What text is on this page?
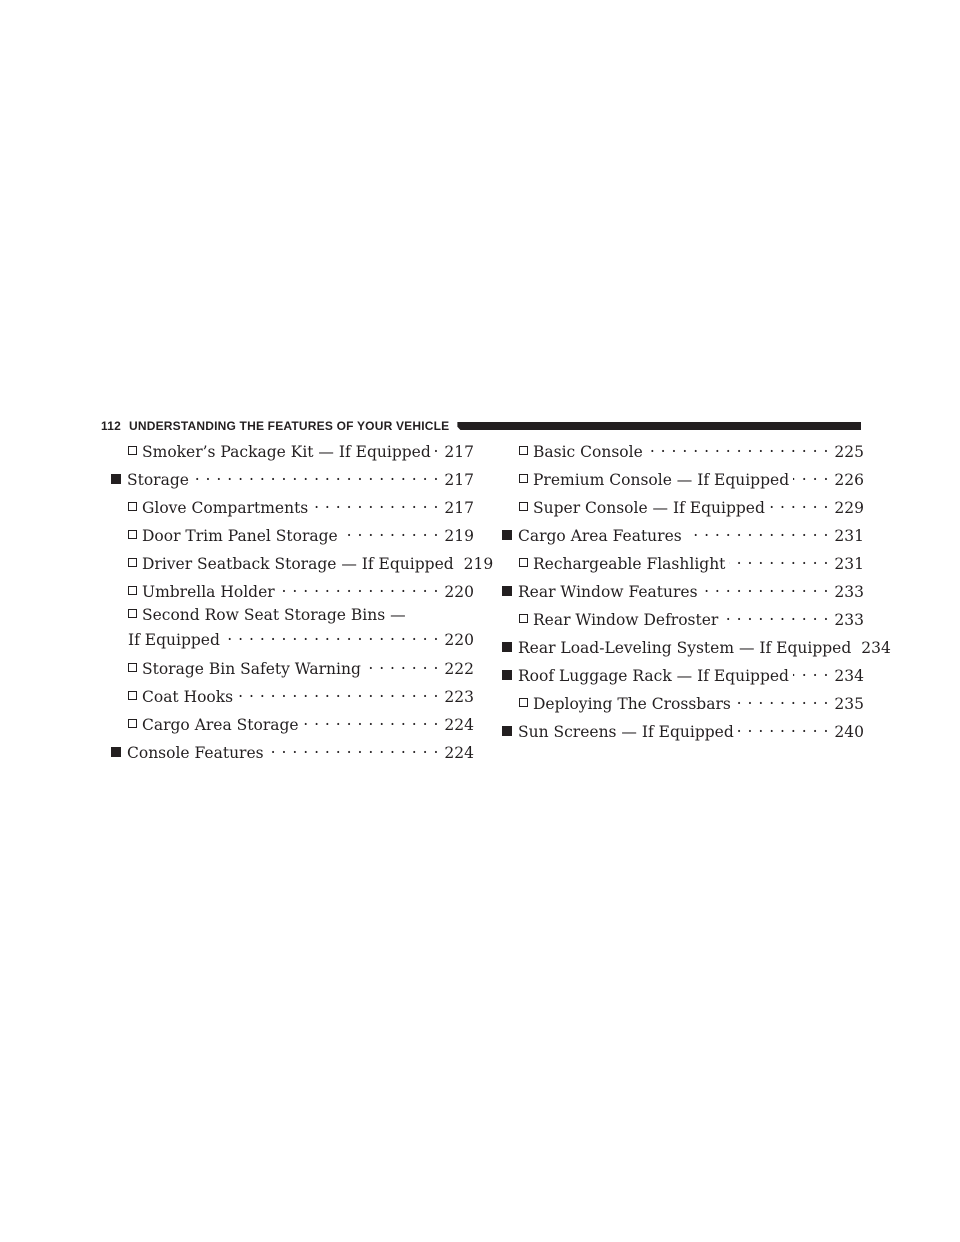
112 UNDERSTANDING THE FEATURES OF YOUR VEHICLE
Smoker’s Package Kit — If Equipped . . . 217
Storage . . .	217
Glove Compartments . . .	217
Door Trim Panel Storage . . .	219
Driver Seatback Storage — If Equipped 219
Umbrella Holder . . .	220
Second Row Seat Storage Bins —
If Equipped . . .	220
Storage Bin Safety Warning . . .	222
Coat Hooks . . .	223
Cargo Area Storage . . .	224
Console Features . . .	224
Basic Console . . .	225
Premium Console — If Equipped . . .	226
Super Console — If Equipped . . .	229
Cargo Area Features . . .	231
Rechargeable Flashlight . . .	231
Rear Window Features . . .	233
Rear Window Defroster . . .	233
Rear Load-Leveling System — If Equipped 234
Roof Luggage Rack — If Equipped . . .	234
Deploying The Crossbars . . .	235
Sun Screens — If Equipped . . .	240
